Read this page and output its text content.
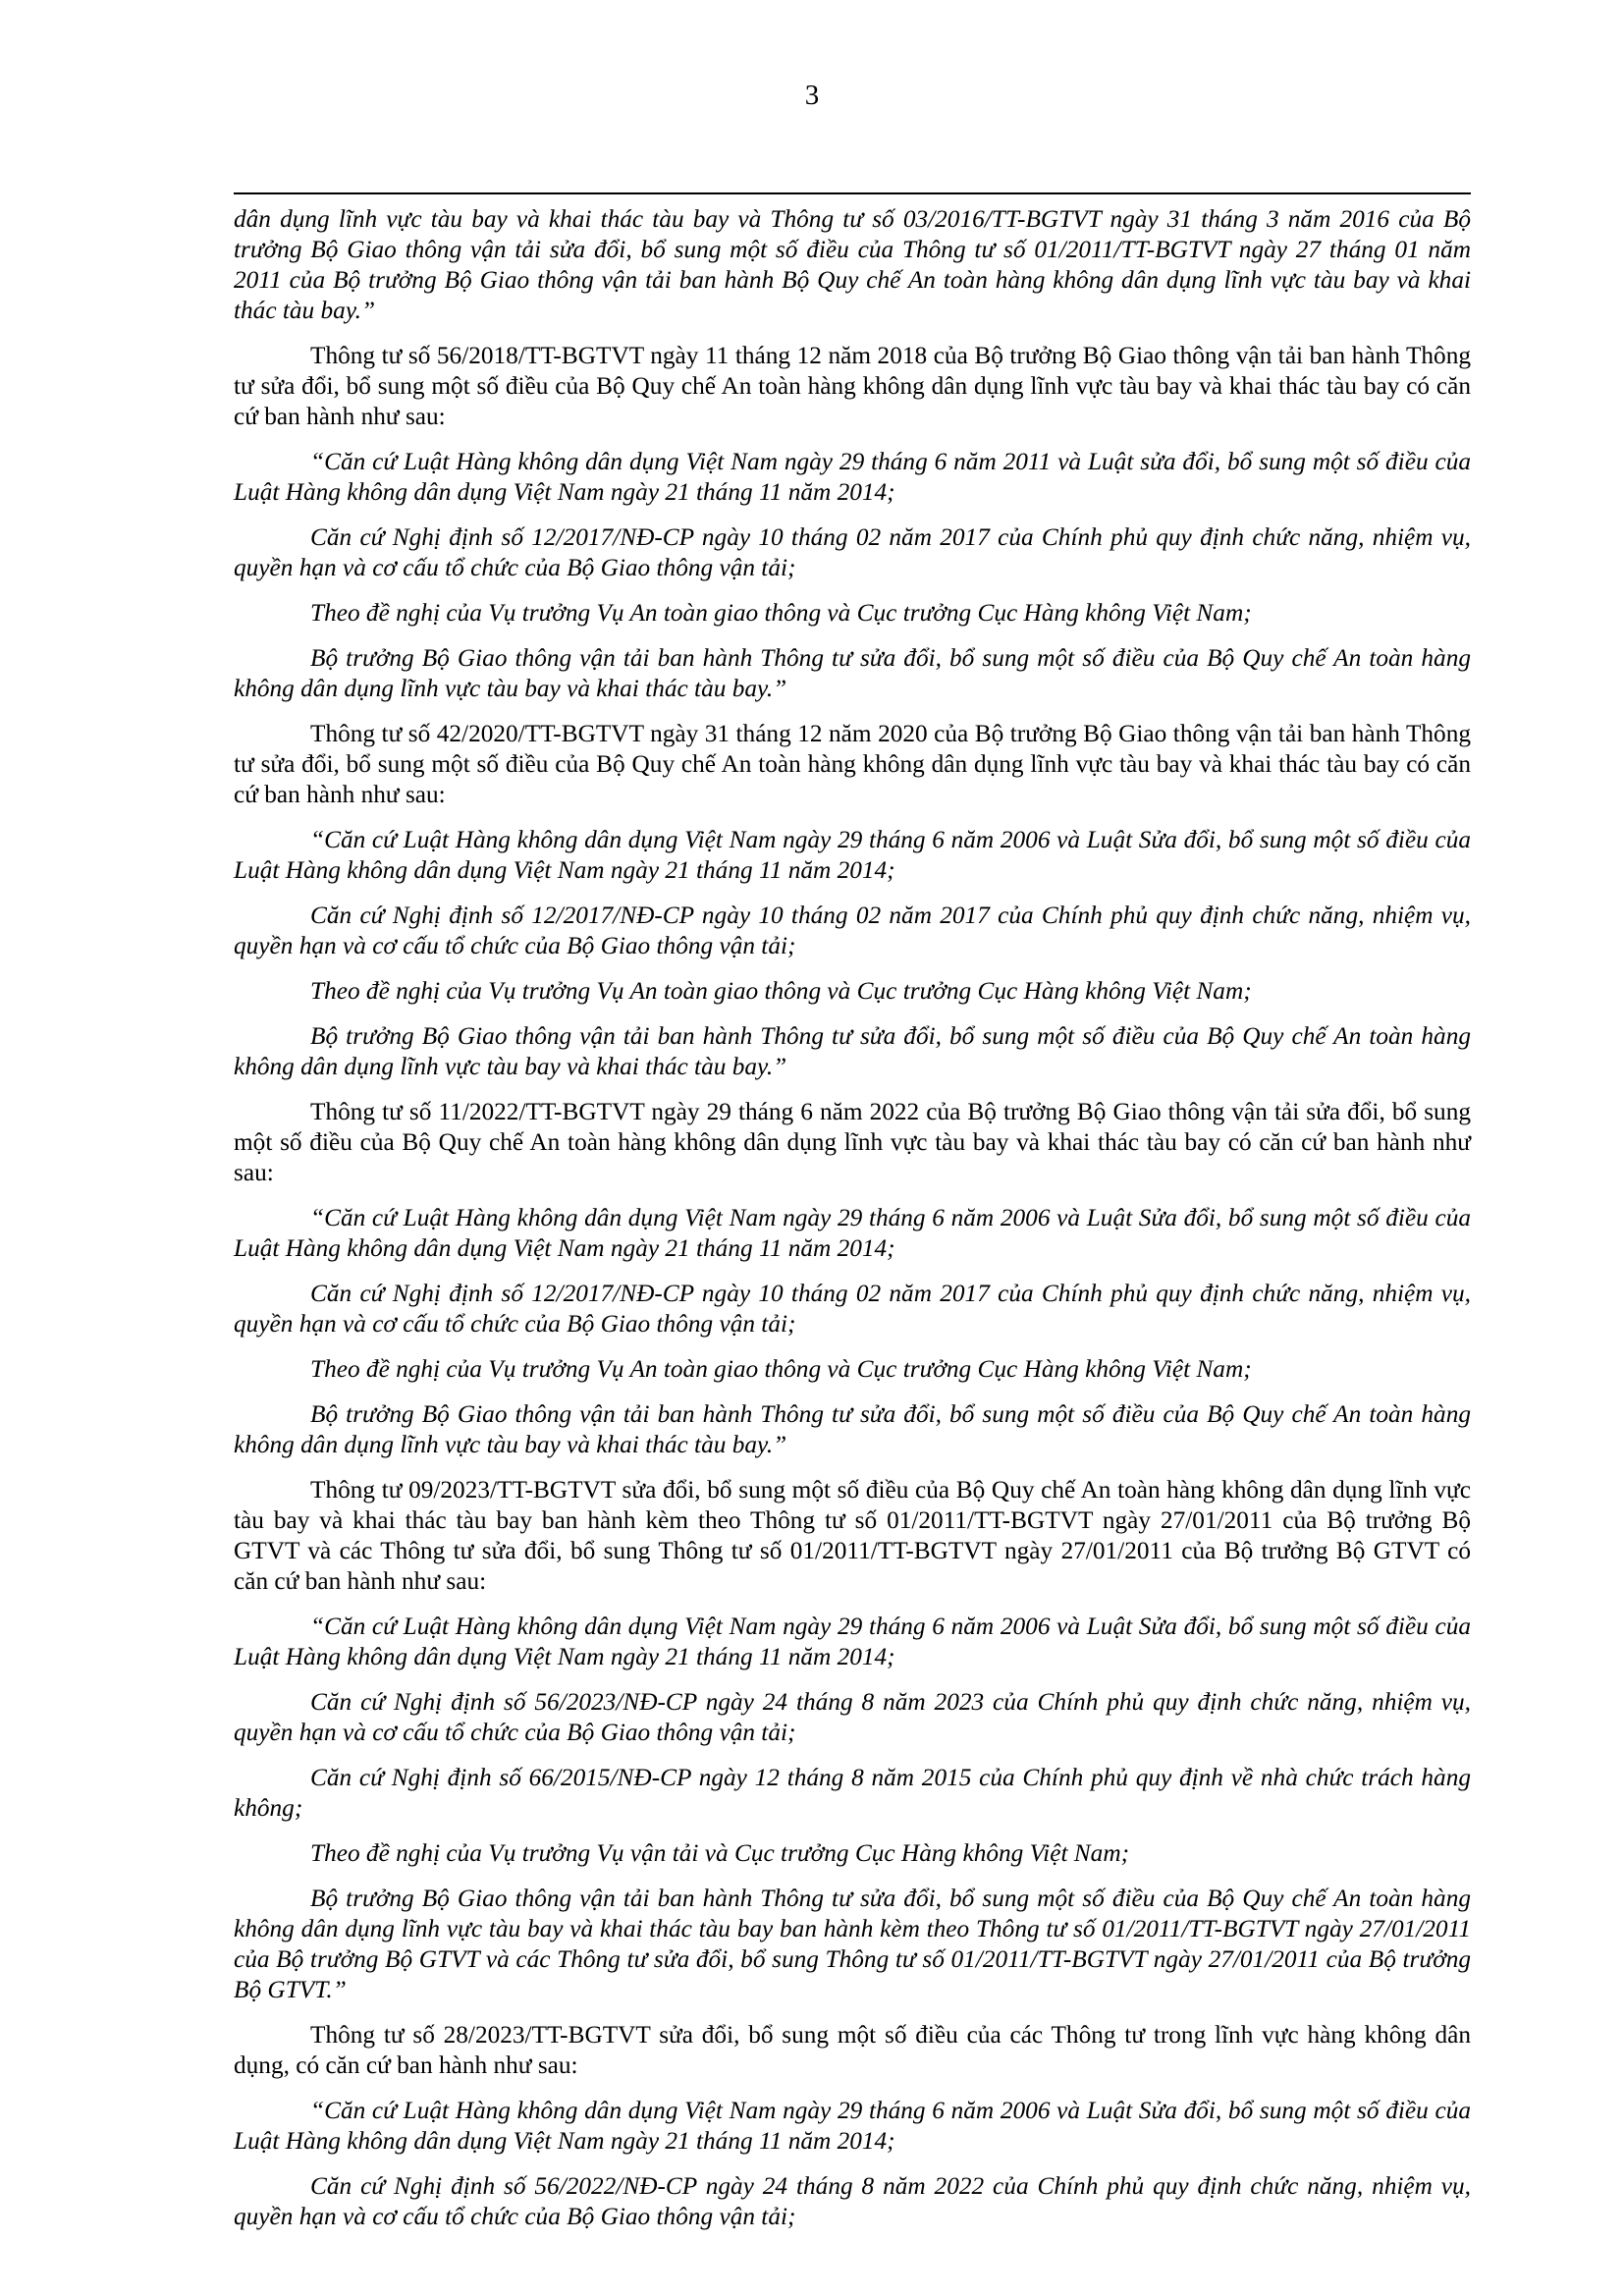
3

dân dụng lĩnh vực tàu bay và khai thác tàu bay và Thông tư số 03/2016/TT-BGTVT ngày 31 tháng 3 năm 2016 của Bộ trưởng Bộ Giao thông vận tải sửa đổi, bổ sung một số điều của Thông tư số 01/2011/TT-BGTVT ngày 27 tháng 01 năm 2011 của Bộ trưởng Bộ Giao thông vận tải ban hành Bộ Quy chế An toàn hàng không dân dụng lĩnh vực tàu bay và khai thác tàu bay.”

Thông tư số 56/2018/TT-BGTVT ngày 11 tháng 12 năm 2018 của Bộ trưởng Bộ Giao thông vận tải ban hành Thông tư sửa đổi, bổ sung một số điều của Bộ Quy chế An toàn hàng không dân dụng lĩnh vực tàu bay và khai thác tàu bay có căn cứ ban hành như sau:

“Căn cứ Luật Hàng không dân dụng Việt Nam ngày 29 tháng 6 năm 2011 và Luật sửa đổi, bổ sung một số điều của Luật Hàng không dân dụng Việt Nam ngày 21 tháng 11 năm 2014;

Căn cứ Nghị định số 12/2017/NĐ-CP ngày 10 tháng 02 năm 2017 của Chính phủ quy định chức năng, nhiệm vụ, quyền hạn và cơ cấu tổ chức của Bộ Giao thông vận tải;

Theo đề nghị của Vụ trưởng Vụ An toàn giao thông và Cục trưởng Cục Hàng không Việt Nam;

Bộ trưởng Bộ Giao thông vận tải ban hành Thông tư sửa đổi, bổ sung một số điều của Bộ Quy chế An toàn hàng không dân dụng lĩnh vực tàu bay và khai thác tàu bay.”

Thông tư số 42/2020/TT-BGTVT ngày 31 tháng 12 năm 2020 của Bộ trưởng Bộ Giao thông vận tải ban hành Thông tư sửa đổi, bổ sung một số điều của Bộ Quy chế An toàn hàng không dân dụng lĩnh vực tàu bay và khai thác tàu bay có căn cứ ban hành như sau:

“Căn cứ Luật Hàng không dân dụng Việt Nam ngày 29 tháng 6 năm 2006 và Luật Sửa đổi, bổ sung một số điều của Luật Hàng không dân dụng Việt Nam ngày 21 tháng 11 năm 2014;

Căn cứ Nghị định số 12/2017/NĐ-CP ngày 10 tháng 02 năm 2017 của Chính phủ quy định chức năng, nhiệm vụ, quyền hạn và cơ cấu tổ chức của Bộ Giao thông vận tải;

Theo đề nghị của Vụ trưởng Vụ An toàn giao thông và Cục trưởng Cục Hàng không Việt Nam;

Bộ trưởng Bộ Giao thông vận tải ban hành Thông tư sửa đổi, bổ sung một số điều của Bộ Quy chế An toàn hàng không dân dụng lĩnh vực tàu bay và khai thác tàu bay.”

Thông tư số 11/2022/TT-BGTVT ngày 29 tháng 6 năm 2022 của Bộ trưởng Bộ Giao thông vận tải sửa đổi, bổ sung một số điều của Bộ Quy chế An toàn hàng không dân dụng lĩnh vực tàu bay và khai thác tàu bay có căn cứ ban hành như sau:

“Căn cứ Luật Hàng không dân dụng Việt Nam ngày 29 tháng 6 năm 2006 và Luật Sửa đổi, bổ sung một số điều của Luật Hàng không dân dụng Việt Nam ngày 21 tháng 11 năm 2014;

Căn cứ Nghị định số 12/2017/NĐ-CP ngày 10 tháng 02 năm 2017 của Chính phủ quy định chức năng, nhiệm vụ, quyền hạn và cơ cấu tổ chức của Bộ Giao thông vận tải;

Theo đề nghị của Vụ trưởng Vụ An toàn giao thông và Cục trưởng Cục Hàng không Việt Nam;

Bộ trưởng Bộ Giao thông vận tải ban hành Thông tư sửa đổi, bổ sung một số điều của Bộ Quy chế An toàn hàng không dân dụng lĩnh vực tàu bay và khai thác tàu bay.”

Thông tư 09/2023/TT-BGTVT sửa đổi, bổ sung một số điều của Bộ Quy chế An toàn hàng không dân dụng lĩnh vực tàu bay và khai thác tàu bay ban hành kèm theo Thông tư số 01/2011/TT-BGTVT ngày 27/01/2011 của Bộ trưởng Bộ GTVT và các Thông tư sửa đổi, bổ sung Thông tư số 01/2011/TT-BGTVT ngày 27/01/2011 của Bộ trưởng Bộ GTVT có căn cứ ban hành như sau:

“Căn cứ Luật Hàng không dân dụng Việt Nam ngày 29 tháng 6 năm 2006 và Luật Sửa đổi, bổ sung một số điều của Luật Hàng không dân dụng Việt Nam ngày 21 tháng 11 năm 2014;

Căn cứ Nghị định số 56/2023/NĐ-CP ngày 24 tháng 8 năm 2023 của Chính phủ quy định chức năng, nhiệm vụ, quyền hạn và cơ cấu tổ chức của Bộ Giao thông vận tải;

Căn cứ Nghị định số 66/2015/NĐ-CP ngày 12 tháng 8 năm 2015 của Chính phủ quy định về nhà chức trách hàng không;

Theo đề nghị của Vụ trưởng Vụ vận tải và Cục trưởng Cục Hàng không Việt Nam;

Bộ trưởng Bộ Giao thông vận tải ban hành Thông tư sửa đổi, bổ sung một số điều của Bộ Quy chế An toàn hàng không dân dụng lĩnh vực tàu bay và khai thác tàu bay ban hành kèm theo Thông tư số 01/2011/TT-BGTVT ngày 27/01/2011 của Bộ trưởng Bộ GTVT và các Thông tư sửa đổi, bổ sung Thông tư số 01/2011/TT-BGTVT ngày 27/01/2011 của Bộ trưởng Bộ GTVT.”

Thông tư số 28/2023/TT-BGTVT sửa đổi, bổ sung một số điều của các Thông tư trong lĩnh vực hàng không dân dụng, có căn cứ ban hành như sau:

“Căn cứ Luật Hàng không dân dụng Việt Nam ngày 29 tháng 6 năm 2006 và Luật Sửa đổi, bổ sung một số điều của Luật Hàng không dân dụng Việt Nam ngày 21 tháng 11 năm 2014;

Căn cứ Nghị định số 56/2022/NĐ-CP ngày 24 tháng 8 năm 2022 của Chính phủ quy định chức năng, nhiệm vụ, quyền hạn và cơ cấu tổ chức của Bộ Giao thông vận tải;
